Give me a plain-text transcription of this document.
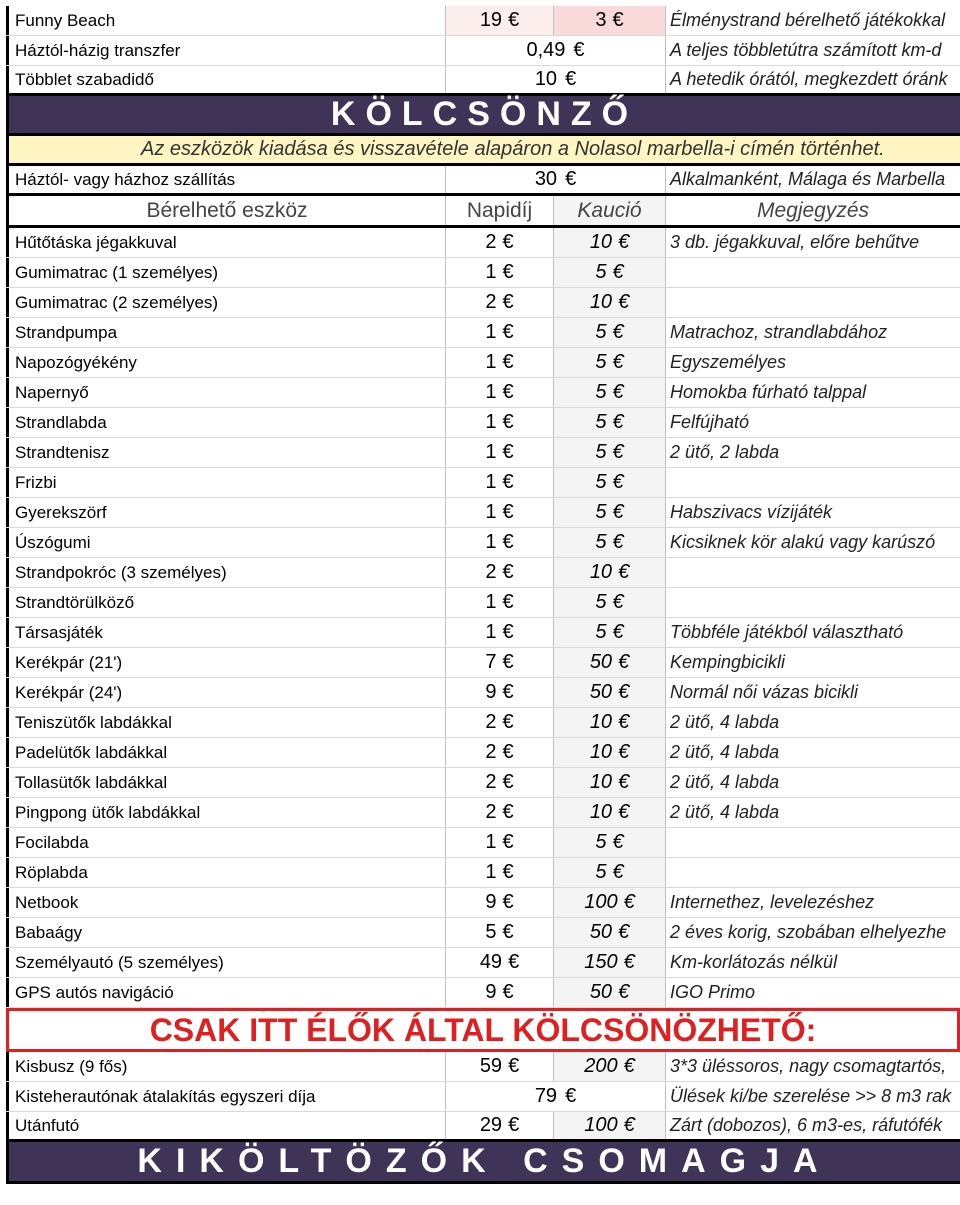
Funny Beach	19 €	3 €	Élménystrand bérelhető játékokkal
Háztól-házig transzfer	0,49 €	A teljes többletútra számított km-d
Többlet szabadidő	10 €	A hetedik órától, megkezdett óránk
KÖLCSÖNZŐ
Az eszközök kiadása és visszavétele alapáron a Nolasol marbella-i címén történhet.
Háztól- vagy házhoz szállítás	30 €	Alkalmanként, Málaga és Marbella
Bérelhető eszköz	Napidíj	Kaució	Megjegyzés
Hűtőtáska jégakkuval	2 €	10 € 3 db. jégakkuval, előre behűtve
Gumimatrac (1 személyes)	1 €	5 €
Gumimatrac (2 személyes)	2 €	10 €
Strandpumpa	1 €	5 €	Matrachoz, strandlabdához
Napozógyékény	1 €	5 €	Egyszemélyes
Napernyő	1 €	5 €	Homokba fúrható talppal
Strandlabda	1 €	5 €	Felfújható
Strandtenisz	1 €	5 €	2 ütő, 2 labda
Frizbi	1 €	5 €
Gyerekszörf	1 €	5 €	Habszivacs vízijáték
Úszógumi	1 €	5 €	Kicsiknek kör alakú vagy karúszó
Strandpokróc (3 személyes)	2 €	10 €
Strandtörülköző	1 €	5 €
Társasjáték	1 €	5 €	Többféle játékból választható
Kerékpár (21')	7 €	50 € Kempingbicikli
Kerékpár (24')	9 €	50 € Normál női vázas bicikli
Teniszütők labdákkal	2 €	10 € 2 ütő, 4 labda
Padelütők labdákkal	2 €	10 € 2 ütő, 4 labda
Tollasütők labdákkal	2 €	10 € 2 ütő, 4 labda
Pingpong ütők labdákkal	2 €	10 € 2 ütő, 4 labda
Focilabda	1 €	5 €
Röplabda	1 €	5 €
Netbook	9 €	100 € Internethez, levelezéshez
Babaágy	5 €	50 € 2 éves korig, szobában elhelyezhe
Személyautó (5 személyes)	49 €	150 € Km-korlátozás nélkül
GPS autós navigáció	9 €	50 € IGO Primo
CSAK ITT ÉLŐK ÁLTAL KÖLCSÖNÖZHETŐ:
Kisbusz (9 fős)	59 €	200 € 3*3 üléssoros, nagy csomagtartós,
Kisteherautónak átalakítás egyszeri díja	79 €	Ülések ki/be szerelése >> 8 m3 rak
Utánfutó	29 €	100 € Zárt (dobozos), 6 m3-es, ráfutófék
KIKÖLTÖZŐK CSOMAGJA
